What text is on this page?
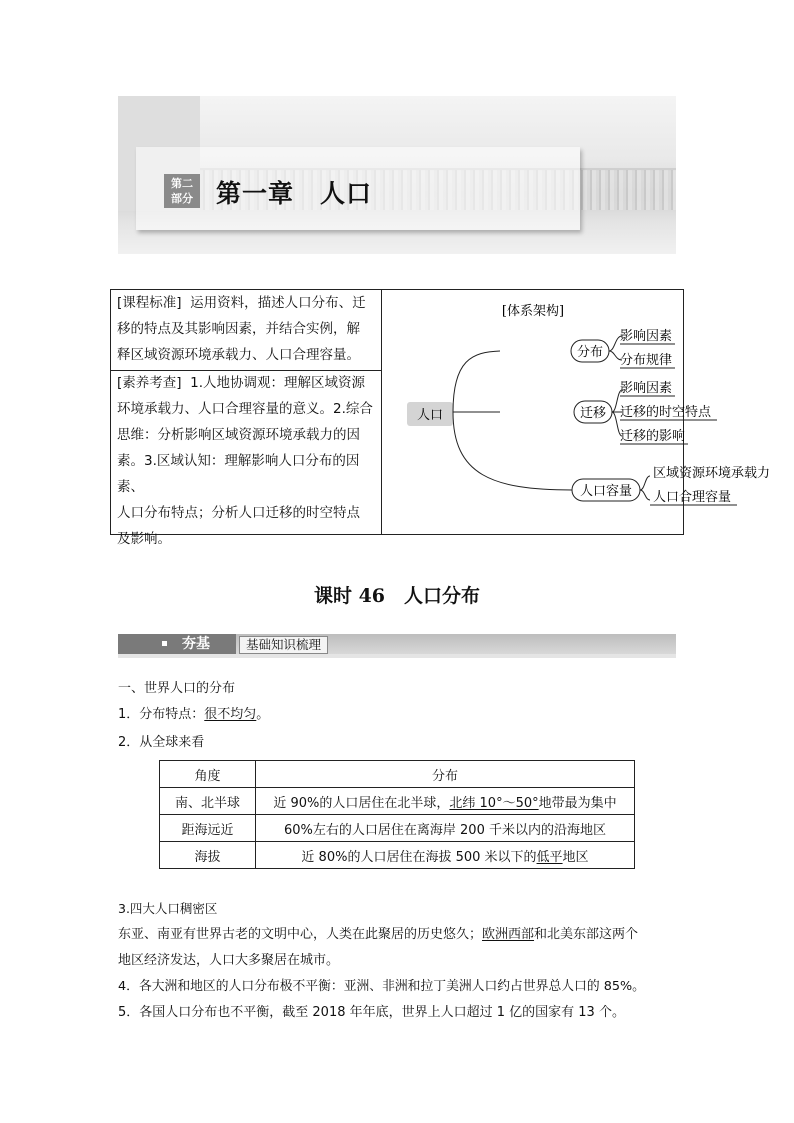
第二
部分 第一章　人口
[课程标准] 运用资料，描述人口分布、迁
移的特点及其影响因素，并结合实例，解
释区域资源环境承载力、人口合理容量。
[素养考查] 1.人地协调观：理解区域资源
环境承载力、人口合理容量的意义。2.综合
思维：分析影响区域资源环境承载力的因
素。3.区域认知：理解影响人口分布的因素、
人口分布特点；分析人口迁移的时空特点
及影响。
[体系架构]
人口
分布
影响因素
分布规律
迁移
影响因素
迁移的时空特点
迁移的影响
人口容量
区域资源环境承载力
人口合理容量
课时 46　人口分布
夯基	基础知识梳理
一、世界人口的分布
1．分布特点：很不均匀。
2．从全球来看
角度	分布
南、北半球	近 90%的人口居住在北半球，北纬 10°～50°地带最为集中
距海远近	60%左右的人口居住在离海岸 200 千米以内的沿海地区
海拔	近 80%的人口居住在海拔 500 米以下的低平地区
3.四大人口稠密区
东亚、南亚有世界古老的文明中心，人类在此聚居的历史悠久；欧洲西部和北美东部这两个
地区经济发达，人口大多聚居在城市。
4．各大洲和地区的人口分布极不平衡：亚洲、非洲和拉丁美洲人口约占世界总人口的 85%。
5．各国人口分布也不平衡，截至 2018 年年底，世界上人口超过 1 亿的国家有 13 个。
